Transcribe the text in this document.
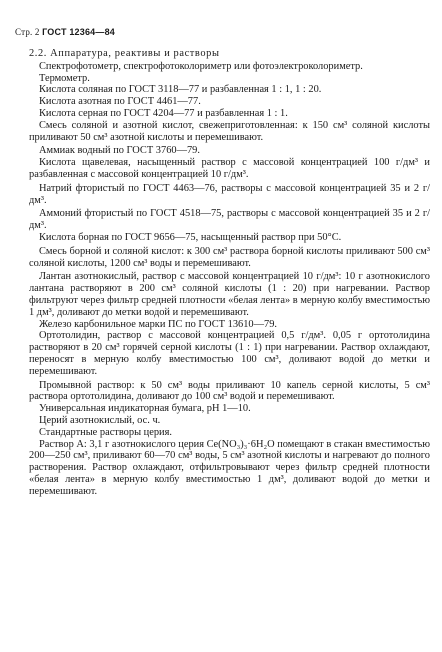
Стр. 2 ГОСТ 12364—84

2.2. Аппаратура, реактивы и растворы

Спектрофотометр, спектрофотоколориметр или фотоэлектроколориметр.

Термометр.

Кислота соляная по ГОСТ 3118—77 и разбавленная 1 : 1, 1 : 20.

Кислота азотная по ГОСТ 4461—77.

Кислота серная по ГОСТ 4204—77 и разбавленная 1 : 1.

Смесь соляной и азотной кислот, свежеприготовленная: к 150 см³ соляной кислоты приливают 50 см³ азотной кислоты и перемешивают.

Аммиак водный по ГОСТ 3760—79.

Кислота щавелевая, насыщенный раствор с массовой концентрацией 100 г/дм³ и разбавленная с массовой концентрацией 10 г/дм³.

Натрий фтористый по ГОСТ 4463—76, растворы с массовой концентрацией 35 и 2 г/дм³.

Аммоний фтористый по ГОСТ 4518—75, растворы с массовой концентрацией 35 и 2 г/дм³.

Кислота борная по ГОСТ 9656—75, насыщенный раствор при 50°С.

Смесь борной и соляной кислот: к 300 см³ раствора борной кислоты приливают 500 см³ соляной кислоты, 1200 см³ воды и перемешивают.

Лантан азотнокислый, раствор с массовой концентрацией 10 г/дм³: 10 г азотнокислого лантана растворяют в 200 см³ соляной кислоты (1 : 20) при нагревании. Раствор фильтруют через фильтр средней плотности «белая лента» в мерную колбу вместимостью 1 дм³, доливают до метки водой и перемешивают.

Железо карбонильное марки ПС по ГОСТ 13610—79.

Ортотолидин, раствор с массовой концентрацией 0,5 г/дм³. 0,05 г ортотолидина растворяют в 20 см³ горячей серной кислоты (1 : 1) при нагревании. Раствор охлаждают, переносят в мерную колбу вместимостью 100 см³, доливают водой до метки и перемешивают.

Промывной раствор: к 50 см³ воды приливают 10 капель серной кислоты, 5 см³ раствора ортотолидина, доливают до 100 см³ водой и перемешивают.

Универсальная индикаторная бумага, рН 1—10.

Церий азотнокислый, ос. ч.

Стандартные растворы церия.

Раствор А: 3,1 г азотнокислого церия Ce(NO₃)₃·6H₂O помещают в стакан вместимостью 200—250 см³, приливают 60—70 см³ воды, 5 см³ азотной кислоты и нагревают до полного растворения. Раствор охлаждают, отфильтровывают через фильтр средней плотности «белая лента» в мерную колбу вместимостью 1 дм³, доливают водой до метки и перемешивают.
